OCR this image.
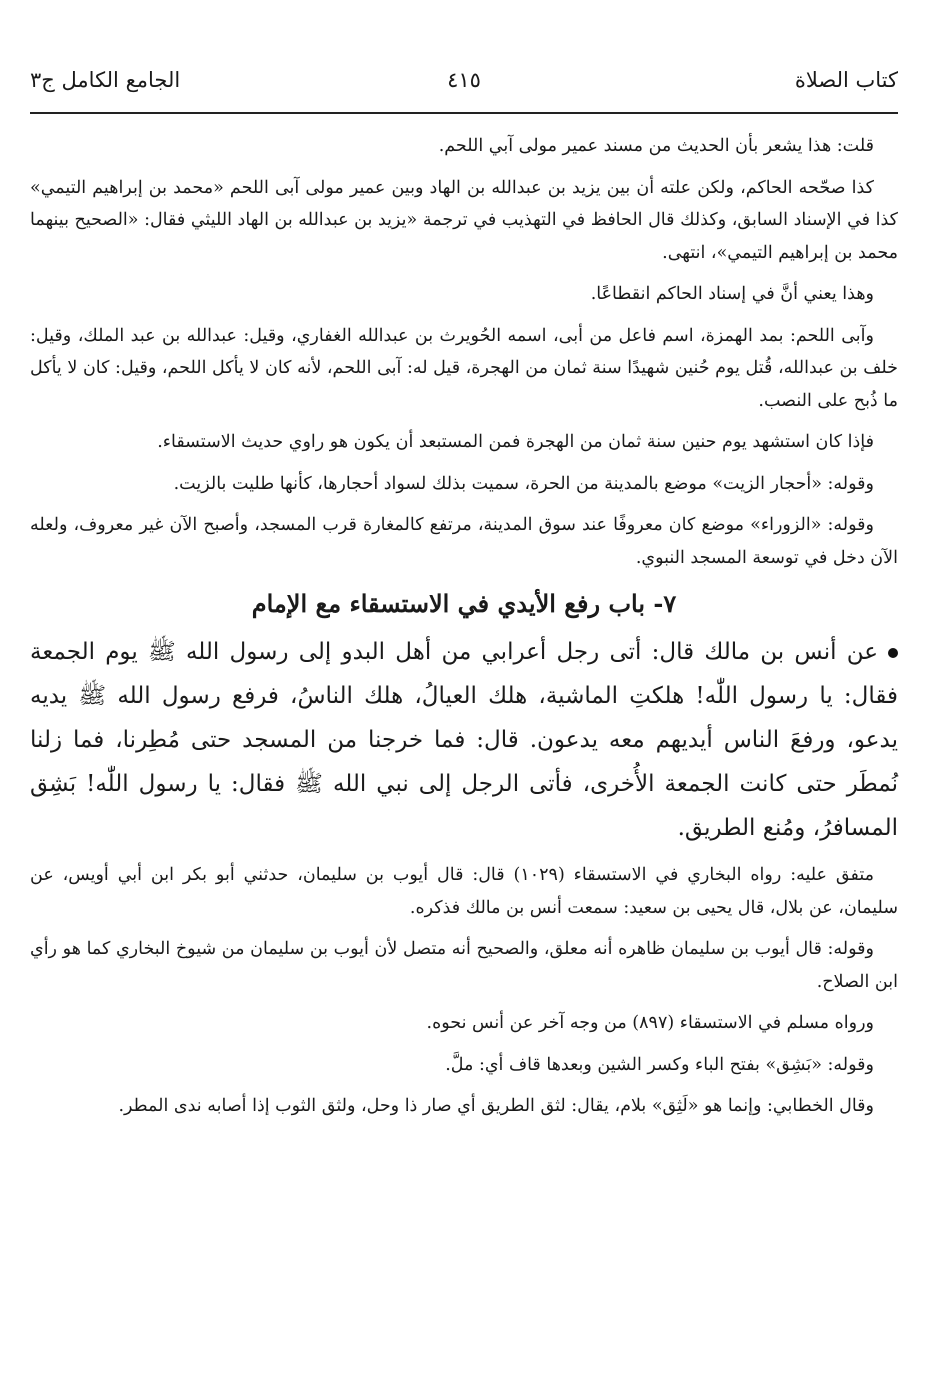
كتاب الصلاة
٤١٥
الجامع الكامل ج٣

قلت: هذا يشعر بأن الحديث من مسند عمير مولى آبي اللحم.

كذا صحّحه الحاكم، ولكن علته أن بين يزيد بن عبدالله بن الهاد وبين عمير مولى آبى اللحم «محمد بن إبراهيم التيمي» كذا في الإسناد السابق، وكذلك قال الحافظ في التهذيب في ترجمة «يزيد بن عبدالله بن الهاد الليثي فقال: «الصحيح بينهما محمد بن إبراهيم التيمي»، انتهى.

وهذا يعني أنَّ في إسناد الحاكم انقطاعًا.

وآبى اللحم: بمد الهمزة، اسم فاعل من أبى، اسمه الحُويرث بن عبدالله الغفاري، وقيل: عبدالله بن عبد الملك، وقيل: خلف بن عبدالله، قُتل يوم حُنين شهيدًا سنة ثمان من الهجرة، قيل له: آبى اللحم، لأنه كان لا يأكل اللحم، وقيل: كان لا يأكل ما ذُبح على النصب.

فإذا كان استشهد يوم حنين سنة ثمان من الهجرة فمن المستبعد أن يكون هو راوي حديث الاستسقاء.

وقوله: «أحجار الزيت» موضع بالمدينة من الحرة، سميت بذلك لسواد أحجارها، كأنها طليت بالزيت.

وقوله: «الزوراء» موضع كان معروفًا عند سوق المدينة، مرتفع كالمغارة قرب المسجد، وأصبح الآن غير معروف، ولعله الآن دخل في توسعة المسجد النبوي.

٧- باب رفع الأيدي في الاستسقاء مع الإمام

عن أنس بن مالك قال: أتى رجل أعرابي من أهل البدو إلى رسول الله ﷺ يوم الجمعة فقال: يا رسول اللّٰه! هلكتِ الماشية، هلك العيالُ، هلك الناسُ، فرفع رسول الله ﷺ يديه يدعو، ورفعَ الناس أيديهم معه يدعون. قال: فما خرجنا من المسجد حتى مُطِرنا، فما زلنا نُمطَر حتى كانت الجمعة الأُخرى، فأتى الرجل إلى نبي الله ﷺ فقال: يا رسول اللّٰه! بَشِق المسافرُ، ومُنع الطريق.

متفق عليه: رواه البخاري في الاستسقاء (١٠٢٩) قال: قال أيوب بن سليمان، حدثني أبو بكر ابن أبي أويس، عن سليمان، عن بلال، قال يحيى بن سعيد: سمعت أنس بن مالك فذكره.

وقوله: قال أيوب بن سليمان ظاهره أنه معلق، والصحيح أنه متصل لأن أيوب بن سليمان من شيوخ البخاري كما هو رأي ابن الصلاح.

ورواه مسلم في الاستسقاء (٨٩٧) من وجه آخر عن أنس نحوه.

وقوله: «بَشِق» بفتح الباء وكسر الشين وبعدها قاف أي: ملَّ.

وقال الخطابي: وإنما هو «لَثِق» بلام، يقال: لثق الطريق أي صار ذا وحل، ولثق الثوب إذا أصابه ندى المطر.
